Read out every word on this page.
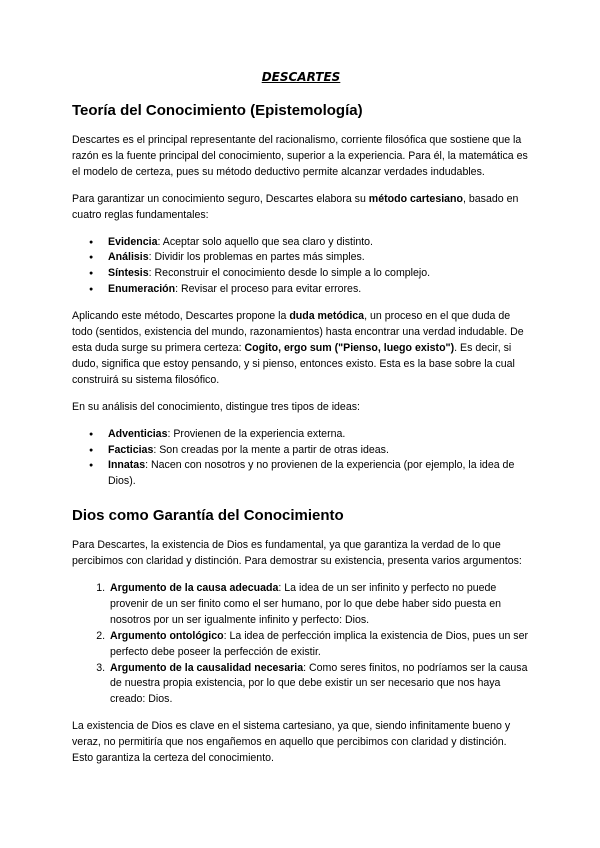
DESCARTES
Teoría del Conocimiento (Epistemología)

Descartes es el principal representante del racionalismo, corriente filosófica que sostiene que la razón es la fuente principal del conocimiento, superior a la experiencia. Para él, la matemática es el modelo de certeza, pues su método deductivo permite alcanzar verdades indudables.

Para garantizar un conocimiento seguro, Descartes elabora su método cartesiano, basado en cuatro reglas fundamentales:

● Evidencia: Aceptar solo aquello que sea claro y distinto.
● Análisis: Dividir los problemas en partes más simples.
● Síntesis: Reconstruir el conocimiento desde lo simple a lo complejo.
● Enumeración: Revisar el proceso para evitar errores.

Aplicando este método, Descartes propone la duda metódica, un proceso en el que duda de todo (sentidos, existencia del mundo, razonamientos) hasta encontrar una verdad indudable. De esta duda surge su primera certeza: Cogito, ergo sum ("Pienso, luego existo"). Es decir, si dudo, significa que estoy pensando, y si pienso, entonces existo. Esta es la base sobre la cual construirá su sistema filosófico.

En su análisis del conocimiento, distingue tres tipos de ideas:

● Adventicias: Provienen de la experiencia externa.
● Facticias: Son creadas por la mente a partir de otras ideas.
● Innatas: Nacen con nosotros y no provienen de la experiencia (por ejemplo, la idea de Dios).
Dios como Garantía del Conocimiento

Para Descartes, la existencia de Dios es fundamental, ya que garantiza la verdad de lo que percibimos con claridad y distinción. Para demostrar su existencia, presenta varios argumentos:

1. Argumento de la causa adecuada: La idea de un ser infinito y perfecto no puede provenir de un ser finito como el ser humano, por lo que debe haber sido puesta en nosotros por un ser igualmente infinito y perfecto: Dios.
2. Argumento ontológico: La idea de perfección implica la existencia de Dios, pues un ser perfecto debe poseer la perfección de existir.
3. Argumento de la causalidad necesaria: Como seres finitos, no podríamos ser la causa de nuestra propia existencia, por lo que debe existir un ser necesario que nos haya creado: Dios.

La existencia de Dios es clave en el sistema cartesiano, ya que, siendo infinitamente bueno y veraz, no permitiría que nos engañemos en aquello que percibimos con claridad y distinción. Esto garantiza la certeza del conocimiento.
